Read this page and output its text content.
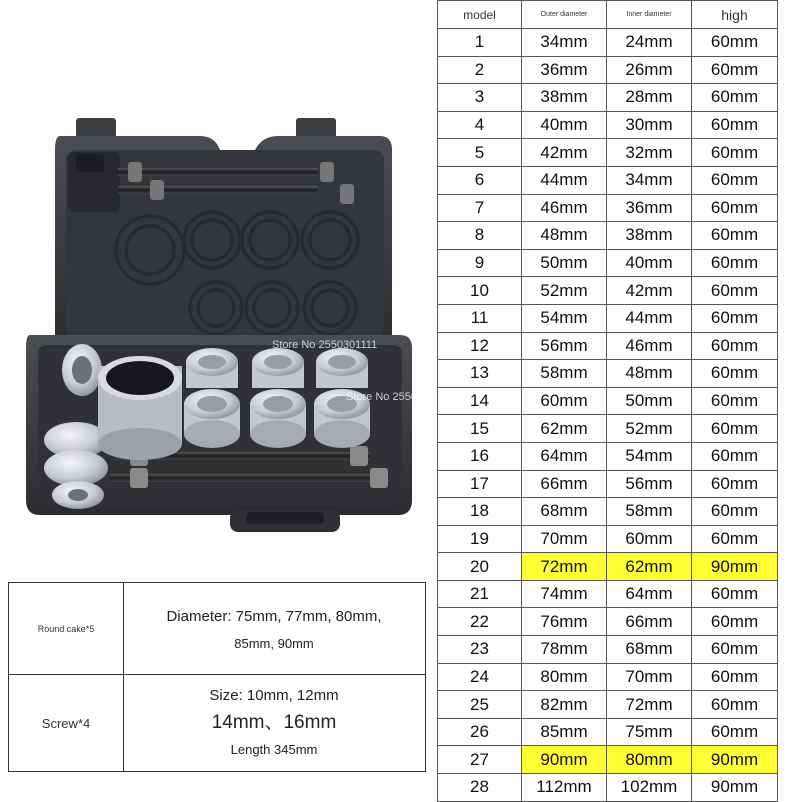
Store No 2550301111
Store No 2550301111
Round cake*5
Diameter: 75mm, 77mm, 80mm,
85mm, 90mm
Screw*4
Size: 10mm, 12mm
14mm、16mm
Length 345mm
model	Outer diameter	Inner diameter	high
1	34mm	24mm	60mm
2	36mm	26mm	60mm
3	38mm	28mm	60mm
4	40mm	30mm	60mm
5	42mm	32mm	60mm
6	44mm	34mm	60mm
7	46mm	36mm	60mm
8	48mm	38mm	60mm
9	50mm	40mm	60mm
10	52mm	42mm	60mm
11	54mm	44mm	60mm
12	56mm	46mm	60mm
13	58mm	48mm	60mm
14	60mm	50mm	60mm
15	62mm	52mm	60mm
16	64mm	54mm	60mm
17	66mm	56mm	60mm
18	68mm	58mm	60mm
19	70mm	60mm	60mm
20	72mm	62mm	90mm
21	74mm	64mm	60mm
22	76mm	66mm	60mm
23	78mm	68mm	60mm
24	80mm	70mm	60mm
25	82mm	72mm	60mm
26	85mm	75mm	60mm
27	90mm	80mm	90mm
28	112mm	102mm	90mm
